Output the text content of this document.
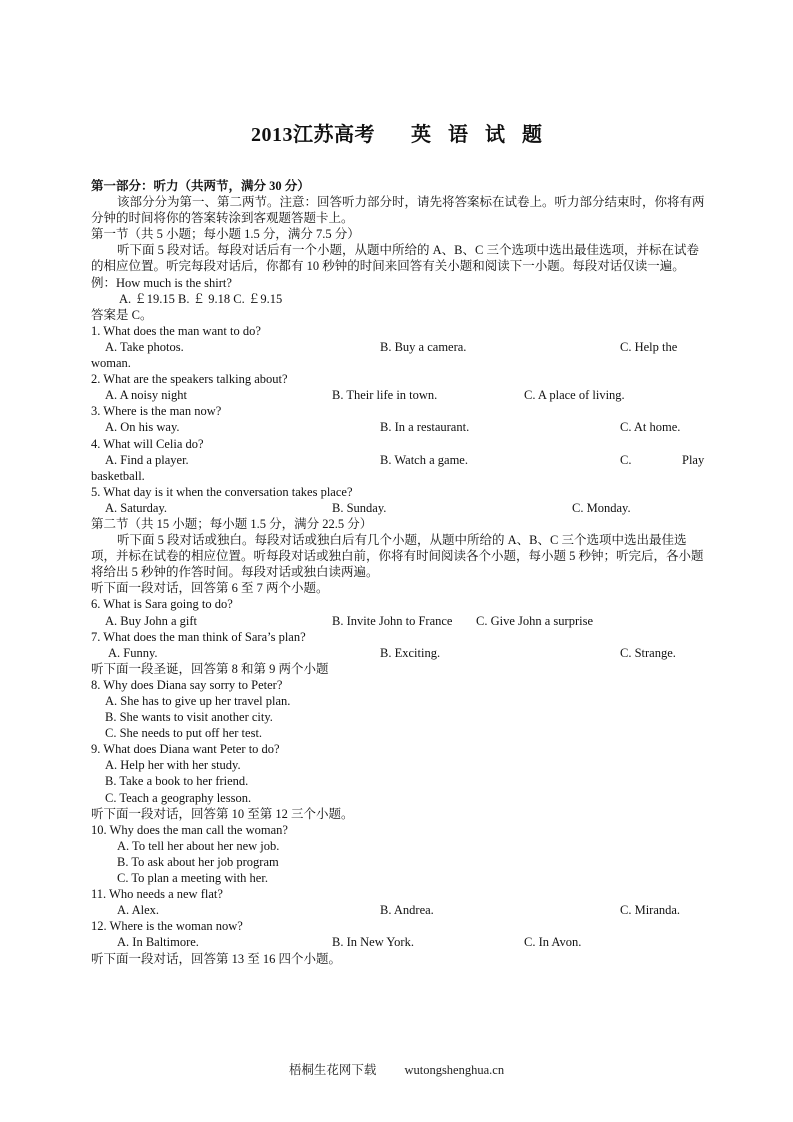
2013江苏高考 英 语 试 题
第一部分：听力（共两节，满分 30 分）
该部分分为第一、第二两节。注意：回答听力部分时，请先将答案标在试卷上。听力部分结束时，你将有两分钟的时间将你的答案转涂到客观题答题卡上。
第一节（共 5 小题；每小题 1.5 分，满分 7.5 分）
听下面 5 段对话。每段对话后有一个小题，从题中所给的 A、B、C 三个选项中选出最佳选项，并标在试卷的相应位置。听完每段对话后，你都有 10 秒钟的时间来回答有关小题和阅读下一小题。每段对话仅读一遍。
例：How much is the shirt?
A. ￡19.15 B. ￡ 9.18 C. ￡9.15
答案是 C。
1. What does the man want to do?
A. Take photos.	B. Buy a camera.	C. Help the
woman.
2. What are the speakers talking about?
A. A noisy night	B. Their life in town.	C. A place of living.
3. Where is the man now?
A. On his way.	B. In a restaurant.	C. At home.
4. What will Celia do?
A. Find a player.	B. Watch a game.	C.	Play
basketball.
5. What day is it when the conversation takes place?
A. Saturday.	B. Sunday.	C. Monday.
第二节（共 15 小题；每小题 1.5 分，满分 22.5 分）
听下面 5 段对话或独白。每段对话或独白后有几个小题，从题中所给的 A、B、C 三个选项中选出最佳选项，并标在试卷的相应位置。听每段对话或独白前，你将有时间阅读各个小题，每小题 5 秒钟；听完后，各小题将给出 5 秒钟的作答时间。每段对话或独白读两遍。
听下面一段对话，回答第 6 至 7 两个小题。
6. What is Sara going to do?
A. Buy John a gift	B. Invite John to France C. Give John a surprise
7. What does the man think of Sara’s plan?
A. Funny.	B. Exciting.	C. Strange.
听下面一段圣诞，回答第 8 和第 9 两个小题
8. Why does Diana say sorry to Peter?
A. She has to give up her travel plan.
B. She wants to visit another city.
C. She needs to put off her test.
9. What does Diana want Peter to do?
A. Help her with her study.
B. Take a book to her friend.
C. Teach a geography lesson.
听下面一段对话，回答第 10 至第 12 三个小题。
10. Why does the man call the woman?
A. To tell her about her new job.
B. To ask about her job program
C. To plan a meeting with her.
11. Who needs a new flat?
A. Alex.	B. Andrea.	C. Miranda.
12. Where is the woman now?
A. In Baltimore.	B. In New York.	C. In Avon.
听下面一段对话，回答第 13 至 16 四个小题。
梧桐生花网下载 wutongshenghua.cn
